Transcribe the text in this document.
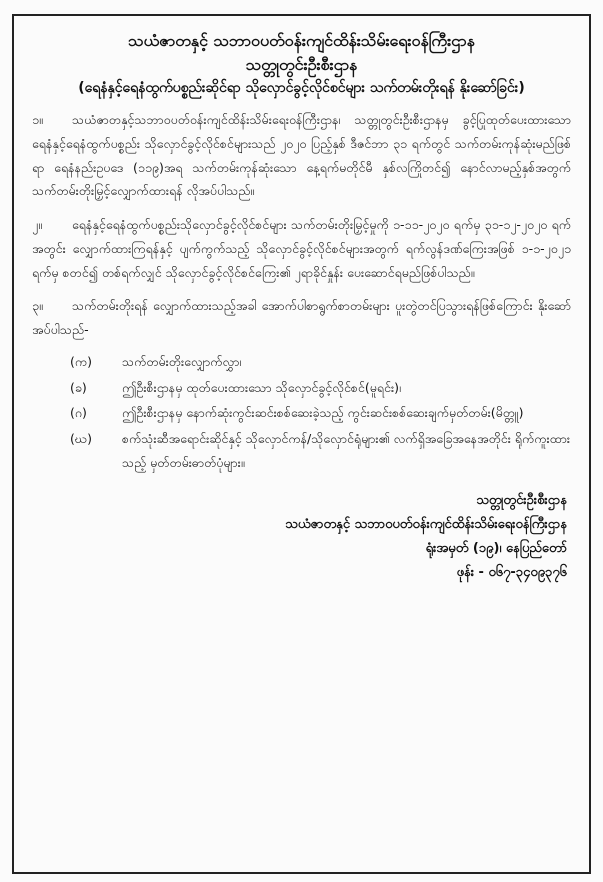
သယံဇာတနှင့် သဘာဝပတ်ဝန်းကျင်ထိန်းသိမ်းရေးဝန်ကြီးဌာန
သတ္တုတွင်းဦးစီးဌာန
(ရေနံနှင့်ရေနံထွက်ပစ္စည်းဆိုင်ရာ သိုလှောင်ခွင့်လိုင်စင်များ သက်တမ်းတိုးရန် နိုးဆော်ခြင်း)
၁။ သယံဇာတနှင့်သဘာဝပတ်ဝန်းကျင်ထိန်းသိမ်းရေးဝန်ကြီးဌာန၊ သတ္တုတွင်းဦးစီးဌာနမှ ခွင့်ပြုထုတ်ပေးထားသော ရေနံနှင့်ရေနံထွက်ပစ္စည်း သိုလှောင်ခွင့်လိုင်စင်များသည် ၂၀၂၀ ပြည့်နှစ် ဒီဇင်ဘာ ၃၁ ရက်တွင် သက်တမ်းကုန်ဆုံးမည်ဖြစ်ရာ ရေနံနည်းဥပဒေ (၁၁၉)အရ သက်တမ်းကုန်ဆုံးသော နေ့ရက်မတိုင်မီ နှစ်လကြိုတင်၍ နောင်လာမည့်နှစ်အတွက် သက်တမ်းတိုးမြှင့်လျှောက်ထားရန် လိုအပ်ပါသည်။
၂။ ရေနံနှင့်ရေနံထွက်ပစ္စည်းသိုလှောင်ခွင့်လိုင်စင်များ သက်တမ်းတိုးမြှင့်မှုကို ၁-၁၁-၂၀၂၀ ရက်မှ ၃၁-၁၂-၂၀၂၀ ရက်အတွင်း လျှောက်ထားကြရန်နှင့် ပျက်ကွက်သည့် သိုလှောင်ခွင့်လိုင်စင်များအတွက် ရက်လွန်ဒဏ်ကြေးအဖြစ် ၁-၁-၂၀၂၁ ရက်မှ စတင်၍ တစ်ရက်လျှင် သိုလှောင်ခွင့်လိုင်စင်ကြေး၏ ၂ရာခိုင်နှုန်း ပေးဆောင်ရမည်ဖြစ်ပါသည်။
၃။ သက်တမ်းတိုးရန် လျှောက်ထားသည့်အခါ အောက်ပါစာရွက်စာတမ်းများ ပူးတွဲတင်ပြသွားရန်ဖြစ်ကြောင်း နိုးဆော်အပ်ပါသည်-
(က)	သက်တမ်းတိုးလျှောက်လွှာ၊
(ခ)	ဤဦးစီးဌာနမှ ထုတ်ပေးထားသော သိုလှောင်ခွင့်လိုင်စင်(မူရင်း)၊
(ဂ)	ဤဦးစီးဌာနမှ နောက်ဆုံးကွင်းဆင်းစစ်ဆေးခဲ့သည့် ကွင်းဆင်းစစ်ဆေးချက်မှတ်တမ်း(မိတ္တူ)
(ဃ)	စက်သုံးဆီအရောင်းဆိုင်နှင့် သိုလှောင်ကန်/သိုလှောင်ရုံများ၏ လက်ရှိအခြေအနေအတိုင်း ရိုက်ကူးထားသည့် မှတ်တမ်းဓာတ်ပုံများ။
သတ္တုတွင်းဦးစီးဌာန
သယံဇာတနှင့် သဘာဝပတ်ဝန်းကျင်ထိန်းသိမ်းရေးဝန်ကြီးဌာန
ရုံးအမှတ် (၁၉)၊ နေပြည်တော်
ဖုန်း - ၀၆၇-၃၄၀၉၃၇၆
